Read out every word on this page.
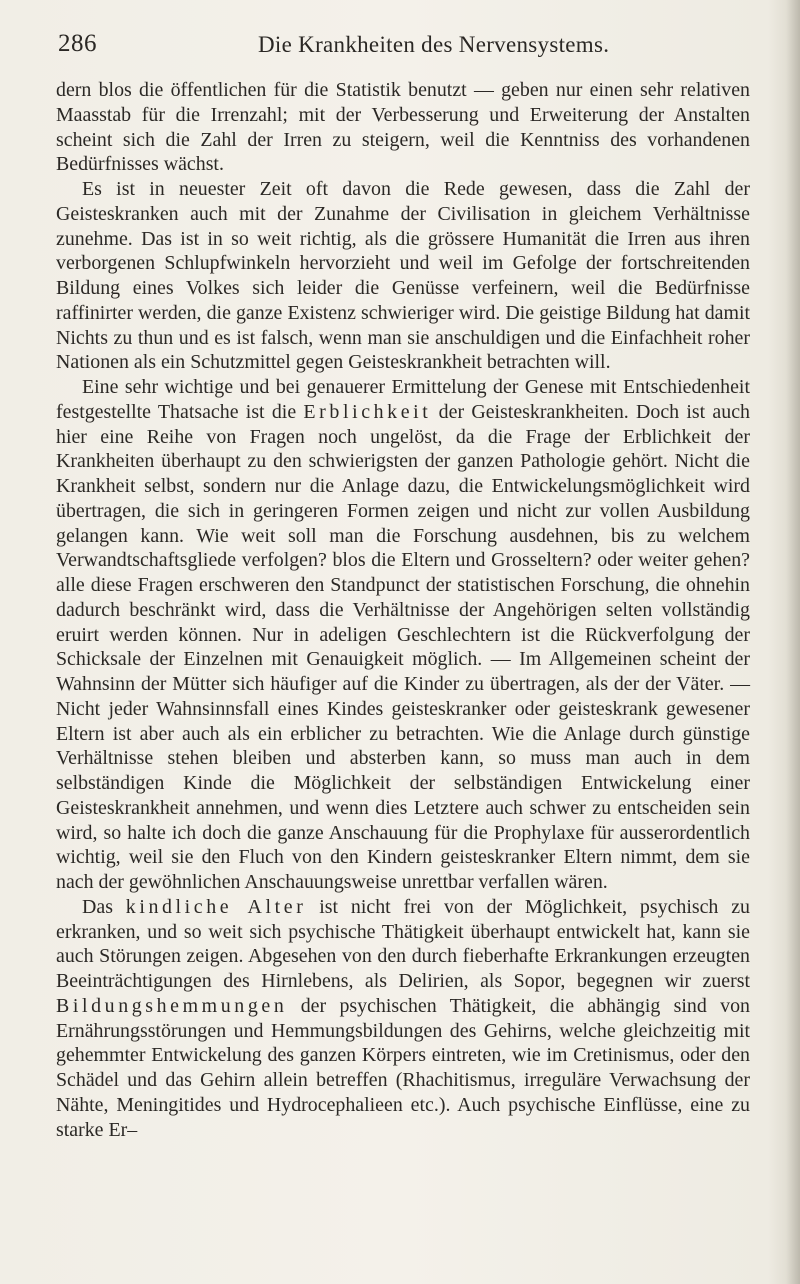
286	Die Krankheiten des Nervensystems.

dern blos die öffentlichen für die Statistik benutzt — geben nur einen sehr relativen Maasstab für die Irrenzahl; mit der Verbesserung und Erweiterung der Anstalten scheint sich die Zahl der Irren zu steigern, weil die Kenntniss des vorhandenen Bedürfnisses wächst.

Es ist in neuester Zeit oft davon die Rede gewesen, dass die Zahl der Geisteskranken auch mit der Zunahme der Civilisation in gleichem Verhältnisse zunehme. Das ist in so weit richtig, als die grössere Humanität die Irren aus ihren verborgenen Schlupfwinkeln hervorzieht und weil im Gefolge der fortschreitenden Bildung eines Volkes sich leider die Genüsse verfeinern, weil die Bedürfnisse raffinirter werden, die ganze Existenz schwieriger wird. Die geistige Bildung hat damit Nichts zu thun und es ist falsch, wenn man sie anschuldigen und die Einfachheit roher Nationen als ein Schutzmittel gegen Geisteskrankheit betrachten will.

Eine sehr wichtige und bei genauerer Ermittelung der Genese mit Entschiedenheit festgestellte Thatsache ist die Erblichkeit der Geisteskrankheiten. Doch ist auch hier eine Reihe von Fragen noch ungelöst, da die Frage der Erblichkeit der Krankheiten überhaupt zu den schwierigsten der ganzen Pathologie gehört. Nicht die Krankheit selbst, sondern nur die Anlage dazu, die Entwickelungsmöglichkeit wird übertragen, die sich in geringeren Formen zeigen und nicht zur vollen Ausbildung gelangen kann. Wie weit soll man die Forschung ausdehnen, bis zu welchem Verwandtschaftsgliede verfolgen? blos die Eltern und Grosseltern? oder weiter gehen? alle diese Fragen erschweren den Standpunct der statistischen Forschung, die ohnehin dadurch beschränkt wird, dass die Verhältnisse der Angehörigen selten vollständig eruirt werden können. Nur in adeligen Geschlechtern ist die Rückverfolgung der Schicksale der Einzelnen mit Genauigkeit möglich. — Im Allgemeinen scheint der Wahnsinn der Mütter sich häufiger auf die Kinder zu übertragen, als der der Väter. — Nicht jeder Wahnsinnsfall eines Kindes geisteskranker oder geisteskrank gewesener Eltern ist aber auch als ein erblicher zu betrachten. Wie die Anlage durch günstige Verhältnisse stehen bleiben und absterben kann, so muss man auch in dem selbständigen Kinde die Möglichkeit der selbständigen Entwickelung einer Geisteskrankheit annehmen, und wenn dies Letztere auch schwer zu entscheiden sein wird, so halte ich doch die ganze Anschauung für die Prophylaxe für ausserordentlich wichtig, weil sie den Fluch von den Kindern geisteskranker Eltern nimmt, dem sie nach der gewöhnlichen Anschauungsweise unrettbar verfallen wären.

Das kindliche Alter ist nicht frei von der Möglichkeit, psychisch zu erkranken, und so weit sich psychische Thätigkeit überhaupt entwickelt hat, kann sie auch Störungen zeigen. Abgesehen von den durch fieberhafte Erkrankungen erzeugten Beeinträchtigungen des Hirnlebens, als Delirien, als Sopor, begegnen wir zuerst Bildungshemmungen der psychischen Thätigkeit, die abhängig sind von Ernährungsstörungen und Hemmungsbildungen des Gehirns, welche gleichzeitig mit gehemmter Entwickelung des ganzen Körpers eintreten, wie im Cretinismus, oder den Schädel und das Gehirn allein betreffen (Rhachitismus, irreguläre Verwachsung der Nähte, Meningitides und Hydrocephalieen etc.). Auch psychische Einflüsse, eine zu starke Er–
